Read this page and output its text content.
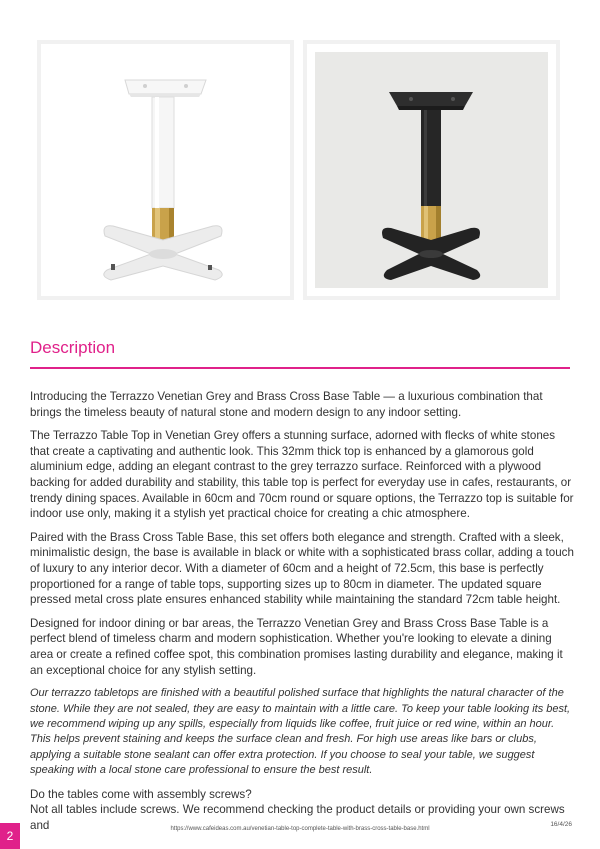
Description

Introducing the Terrazzo Venetian Grey and Brass Cross Base Table — a luxurious combination that brings the timeless beauty of natural stone and modern design to any indoor setting.

The Terrazzo Table Top in Venetian Grey offers a stunning surface, adorned with flecks of white stones that create a captivating and authentic look. This 32mm thick top is enhanced by a glamorous gold aluminium edge, adding an elegant contrast to the grey terrazzo surface. Reinforced with a plywood backing for added durability and stability, this table top is perfect for everyday use in cafes, restaurants, or trendy dining spaces. Available in 60cm and 70cm round or square options, the Terrazzo top is suitable for indoor use only, making it a stylish yet practical choice for creating a chic atmosphere.

Paired with the Brass Cross Table Base, this set offers both elegance and strength. Crafted with a sleek, minimalistic design, the base is available in black or white with a sophisticated brass collar, adding a touch of luxury to any interior decor. With a diameter of 60cm and a height of 72.5cm, this base is perfectly proportioned for a range of table tops, supporting sizes up to 80cm in diameter. The updated square pressed metal cross plate ensures enhanced stability while maintaining the standard 72cm table height.

Designed for indoor dining or bar areas, the Terrazzo Venetian Grey and Brass Cross Base Table is a perfect blend of timeless charm and modern sophistication. Whether you're looking to elevate a dining area or create a refined coffee spot, this combination promises lasting durability and elegance, making it an exceptional choice for any stylish setting.

Our terrazzo tabletops are finished with a beautiful polished surface that highlights the natural character of the stone. While they are not sealed, they are easy to maintain with a little care. To keep your table looking its best, we recommend wiping up any spills, especially from liquids like coffee, fruit juice or red wine, within an hour. This helps prevent staining and keeps the surface clean and fresh. For high use areas like bars or clubs, applying a suitable stone sealant can offer extra protection. If you choose to seal your table, we suggest speaking with a local stone care professional to ensure the best result.

Do the tables come with assembly screws?

Not all tables include screws. We recommend checking the product details or providing your own screws and

2	https://www.cafeideas.com.au/venetian-table-top-complete-table-with-brass-cross-table-base.html
16/4/26
